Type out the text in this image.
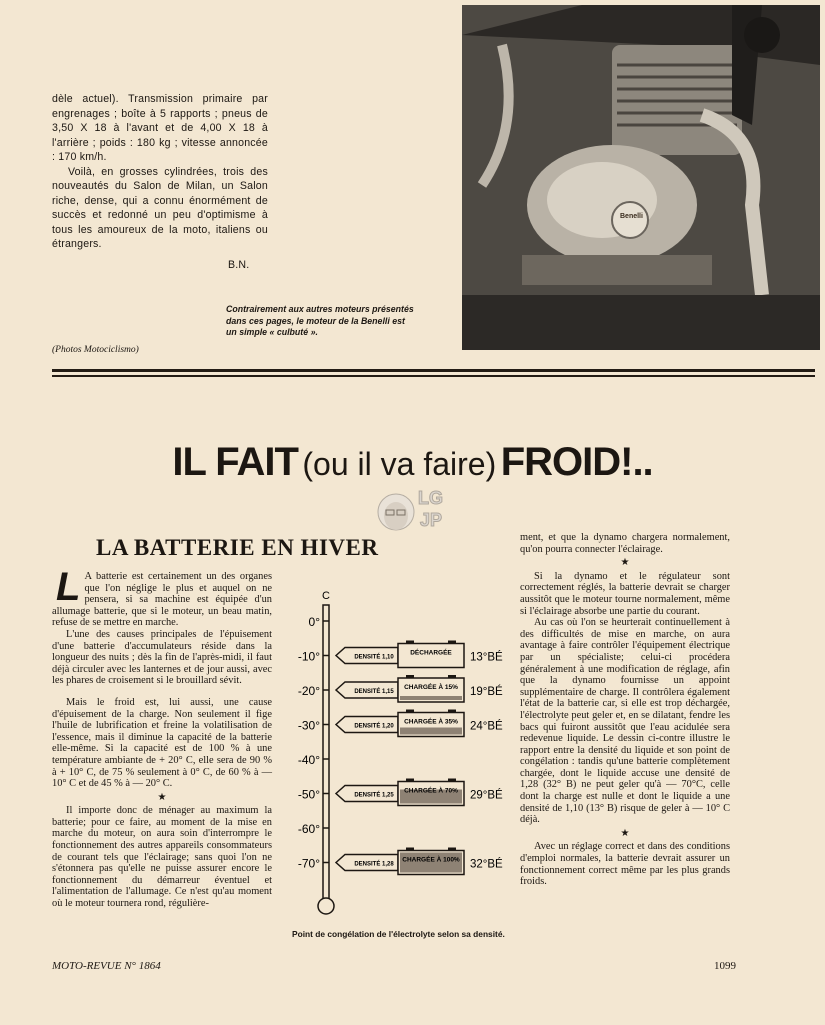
dèle actuel). Transmission primaire par engrenages ; boîte à 5 rapports ; pneus de 3,50 X 18 à l'avant et de 4,00 X 18 à l'arrière ; poids : 180 kg ; vitesse annoncée : 170 km/h.

Voilà, en grosses cylindrées, trois des nouveautés du Salon de Milan, un Salon riche, dense, qui a connu énormément de succès et redonné un peu d'optimisme à tous les amoureux de la moto, italiens ou étrangers.

B.N.

Benelli
Contrairement aux autres moteurs présentés dans ces pages, le moteur de la Benelli est un simple « culbuté ».
(Photos Motociclismo)
IL FAIT (ou il va faire) FROID!..
LG
JP
LA BATTERIE EN HIVER

L A batterie est certainement un des organes que l'on néglige le plus et auquel on ne pensera, si sa machine est équipée d'un allumage batterie, que si le moteur, un beau matin, refuse de se mettre en marche.

L'une des causes principales de l'épuisement d'une batterie d'accumulateurs réside dans la longueur des nuits ; dès la fin de l'après-midi, il faut déjà circuler avec les lanternes et de jour aussi, avec les phares de croisement si le brouillard sévit.

Mais le froid est, lui aussi, une cause d'épuisement de la charge. Non seulement il fige l'huile de lubrification et freine la volatilisation de l'essence, mais il diminue la capacité de la batterie elle-même. Si la capacité est de 100 % à une température ambiante de + 20° C, elle sera de 90 % à + 10° C, de 75 % seulement à 0° C, de 60 % à — 10° C et de 45 % à — 20° C.

★

Il importe donc de ménager au maximum la batterie; pour ce faire, au moment de la mise en marche du moteur, on aura soin d'interrompre le fonctionnement des autres appareils consommateurs de courant tels que l'éclairage; sans quoi l'on ne s'étonnera pas qu'elle ne puisse assurer encore le fonctionnement du démarreur éventuel et l'alimentation de l'allumage. Ce n'est qu'au moment où le moteur tournera rond, régulière-

C
0°
-10°
-20°
-30°
-40°
-50°
-60°
-70°
DENSITÉ 1,10
DÉCHARGÉE 13°BÉ
DENSITÉ 1,15
CHARGÉE À 15% 19°BÉ
DENSITÉ 1,20
CHARGÉE À 35% 24°BÉ
DENSITÉ 1,25
CHARGÉE À 70% 29°BÉ
DENSITÉ 1,28
CHARGÉE À 100% 32°BÉ
Point de congélation de l'électrolyte selon sa densité.

ment, et que la dynamo chargera normalement, qu'on pourra connecter l'éclairage.

★

Si la dynamo et le régulateur sont correctement réglés, la batterie devrait se charger aussitôt que le moteur tourne normalement, même si l'éclairage absorbe une partie du courant.

Au cas où l'on se heurterait continuellement à des difficultés de mise en marche, on aura avantage à faire contrôler l'équipement électrique par un spécialiste; celui-ci procédera généralement à une modification de réglage, afin que la dynamo fournisse un appoint supplémentaire de charge. Il contrôlera également l'état de la batterie car, si elle est trop déchargée, l'électrolyte peut geler et, en se dilatant, fendre les bacs qui fuiront aussitôt que l'eau acidulée sera redevenue liquide. Le dessin ci-contre illustre le rapport entre la densité du liquide et son point de congélation : tandis qu'une batterie complètement chargée, dont le liquide accuse une densité de 1,28 (32° B) ne peut geler qu'à — 70°C, celle dont la charge est nulle et dont le liquide a une densité de 1,10 (13° B) risque de geler à — 10° C déjà.

★

Avec un réglage correct et dans des conditions d'emploi normales, la batterie devrait assurer un fonctionnement correct même par les plus grands froids.

MOTO-REVUE N° 1864	1099
